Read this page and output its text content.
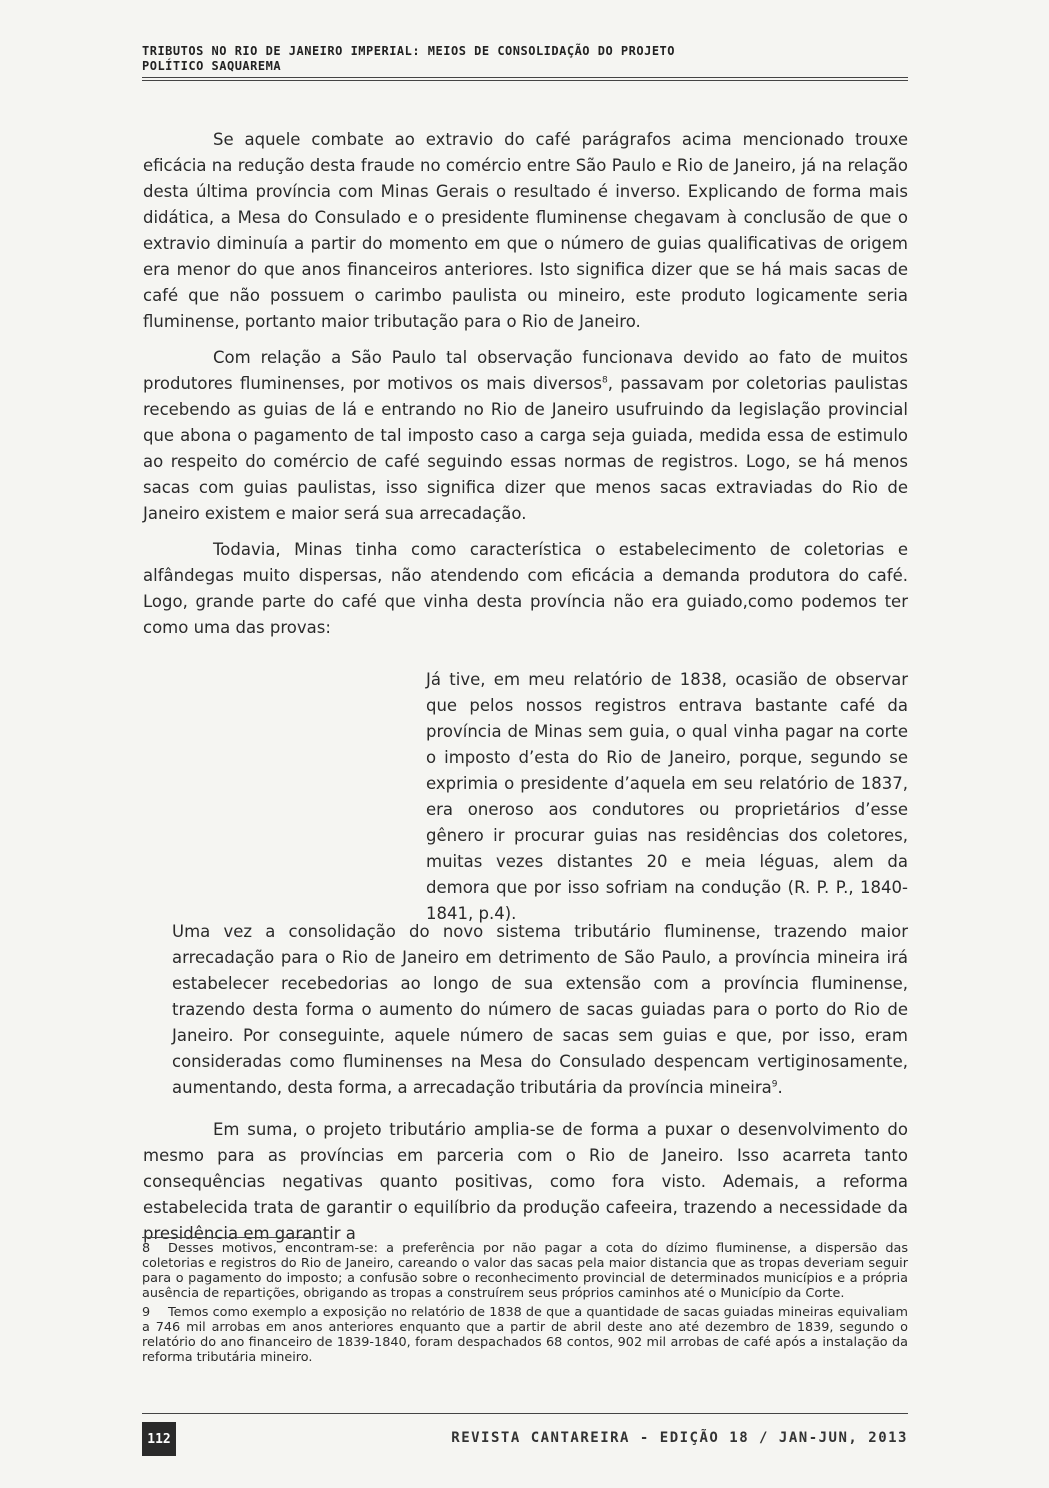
TRIBUTOS NO RIO DE JANEIRO IMPERIAL: MEIOS DE CONSOLIDAÇÃO DO PROJETO POLÍTICO SAQUAREMA

Se aquele combate ao extravio do café parágrafos acima mencionado trouxe eficácia na redução desta fraude no comércio entre São Paulo e Rio de Janeiro, já na relação desta última província com Minas Gerais o resultado é inverso. Explicando de forma mais didática, a Mesa do Consulado e o presidente fluminense chegavam à conclusão de que o extravio diminuía a partir do momento em que o número de guias qualificativas de origem era menor do que anos financeiros anteriores. Isto significa dizer que se há mais sacas de café que não possuem o carimbo paulista ou mineiro, este produto logicamente seria fluminense, portanto maior tributação para o Rio de Janeiro.

Com relação a São Paulo tal observação funcionava devido ao fato de muitos produtores fluminenses, por motivos os mais diversos$^8$, passavam por coletorias paulistas recebendo as guias de lá e entrando no Rio de Janeiro usufruindo da legislação provincial que abona o pagamento de tal imposto caso a carga seja guiada, medida essa de estimulo ao respeito do comércio de café seguindo essas normas de registros. Logo, se há menos sacas com guias paulistas, isso significa dizer que menos sacas extraviadas do Rio de Janeiro existem e maior será sua arrecadação.

Todavia, Minas tinha como característica o estabelecimento de coletorias e alfândegas muito dispersas, não atendendo com eficácia a demanda produtora do café. Logo, grande parte do café que vinha desta província não era guiado,como podemos ter como uma das provas:

Já tive, em meu relatório de 1838, ocasião de observar que pelos nossos registros entrava bastante café da província de Minas sem guia, o qual vinha pagar na corte o imposto d’esta do Rio de Janeiro, porque, segundo se exprimia o presidente d’aquela em seu relatório de 1837, era oneroso aos condutores ou proprietários d’esse gênero ir procurar guias nas residências dos coletores, muitas vezes distantes 20 e meia léguas, alem da demora que por isso sofriam na condução (R. P. P., 1840-1841, p.4).

Uma vez a consolidação do novo sistema tributário fluminense, trazendo maior arrecadação para o Rio de Janeiro em detrimento de São Paulo, a província mineira irá estabelecer recebedorias ao longo de sua extensão com a província fluminense, trazendo desta forma o aumento do número de sacas guiadas para o porto do Rio de Janeiro. Por conseguinte, aquele número de sacas sem guias e que, por isso, eram consideradas como fluminenses na Mesa do Consulado despencam vertiginosamente, aumentando, desta forma, a arrecadação tributária da província mineira$^9$.

Em suma, o projeto tributário amplia-se de forma a puxar o desenvolvimento do mesmo para as províncias em parceria com o Rio de Janeiro. Isso acarreta tanto consequências negativas quanto positivas, como fora visto. Ademais, a reforma estabelecida trata de garantir o equilíbrio da produção cafeeira, trazendo a necessidade da presidência em garantir a

8 Desses motivos, encontram-se: a preferência por não pagar a cota do dízimo fluminense, a dispersão das coletorias e registros do Rio de Janeiro, careando o valor das sacas pela maior distancia que as tropas deveriam seguir para o pagamento do imposto; a confusão sobre o reconhecimento provincial de determinados municípios e a própria ausência de repartições, obrigando as tropas a construírem seus próprios caminhos até o Município da Corte.

9 Temos como exemplo a exposição no relatório de 1838 de que a quantidade de sacas guiadas mineiras equivaliam a 746 mil arrobas em anos anteriores enquanto que a partir de abril deste ano até dezembro de 1839, segundo o relatório do ano financeiro de 1839-1840, foram despachados 68 contos, 902 mil arrobas de café após a instalação da reforma tributária mineiro.

112	REVISTA CANTAREIRA - EDIÇÃO 18 / JAN-JUN, 2013
